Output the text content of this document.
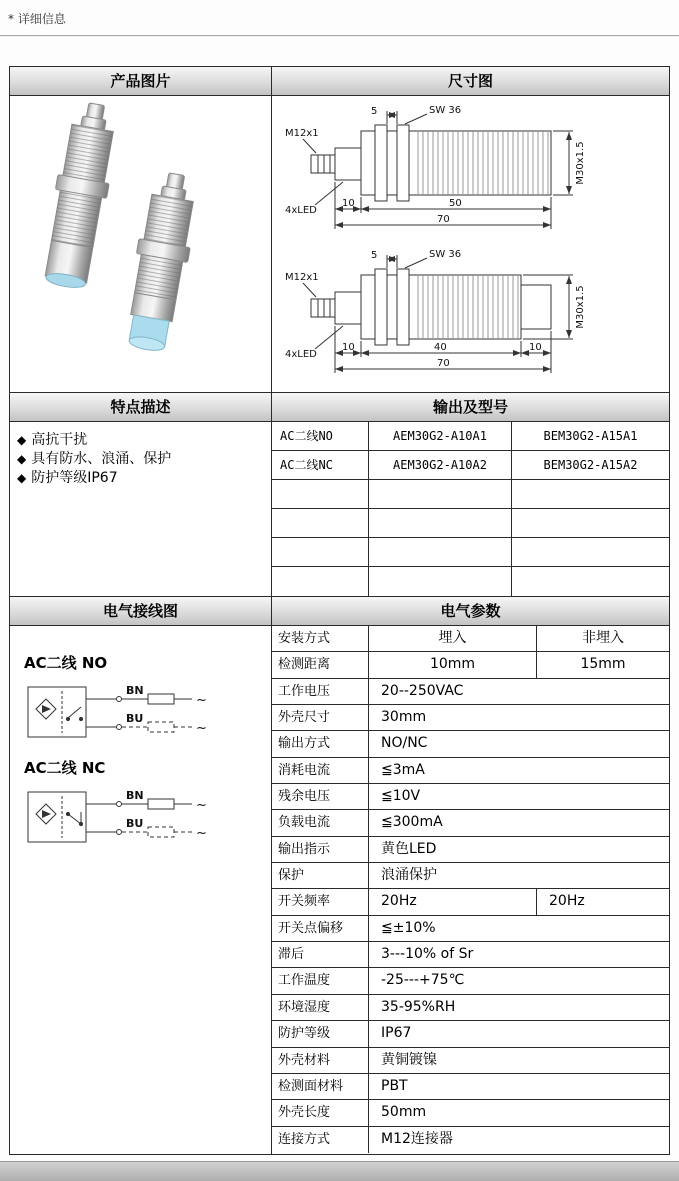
* 详细信息
产品图片	尺寸图
5	SW 36
M12x1
4xLED
M30x1.5
10	50
70
5	SW 36
M12x1
4xLED
M30x1.5
10	40	10
70
特点描述	输出及型号
◆ 高抗干扰
◆ 具有防水、浪涌、保护
◆ 防护等级IP67
AC二线NO	AEM30G2-A10A1	BEM30G2-A15A1
AC二线NC	AEM30G2-A10A2	BEM30G2-A15A2
电气接线图	电气参数
AC二线 NO
BN
~
BU
~
AC二线 NC
BN
~
BU
~
安装方式	埋入	非埋入
检测距离	10mm	15mm
工作电压	20--250VAC
外壳尺寸	30mm
输出方式	NO/NC
消耗电流	≦3mA
残余电压	≦10V
负载电流	≦300mA
输出指示	黄色LED
保护	浪涌保护
开关频率	20Hz	20Hz
开关点偏移	≦±10%
滞后	3---10% of Sr
工作温度	-25---+75℃
环境湿度	35-95%RH
防护等级	IP67
外壳材料	黄铜镀镍
检测面材料	PBT
外壳长度	50mm
连接方式	M12连接器
